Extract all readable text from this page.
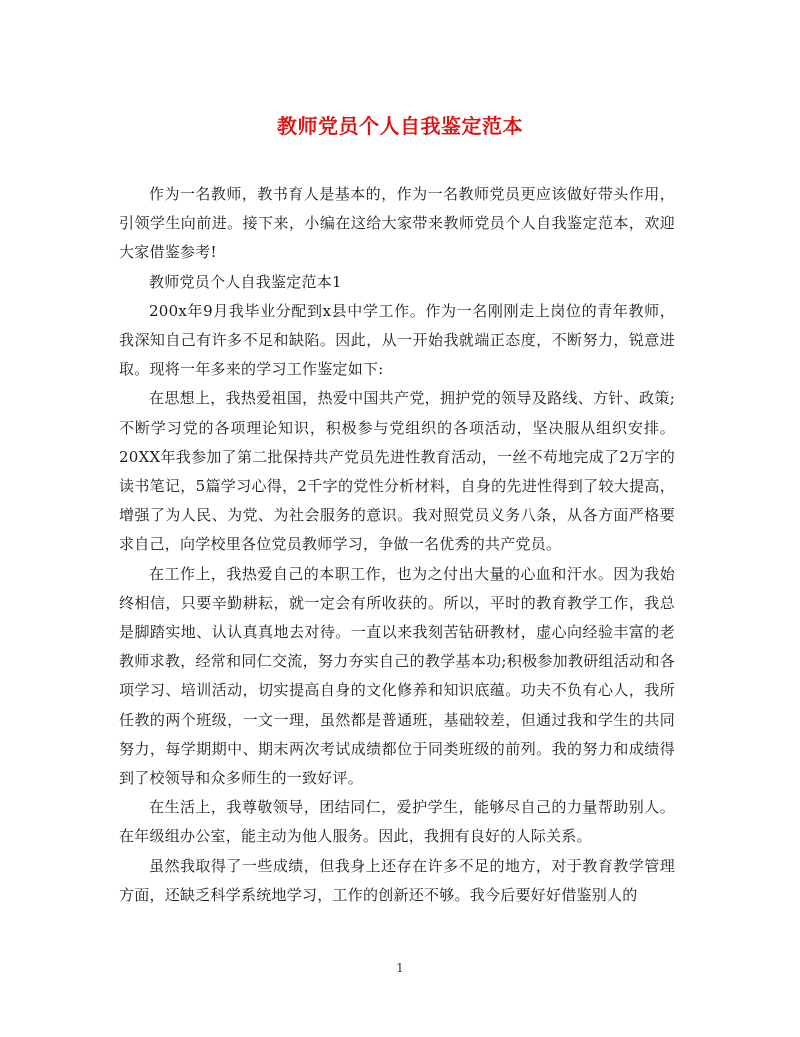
教师党员个人自我鉴定范本

作为一名教师，教书育人是基本的，作为一名教师党员更应该做好带头作用，引领学生向前进。接下来，小编在这给大家带来教师党员个人自我鉴定范本，欢迎大家借鉴参考!

教师党员个人自我鉴定范本1

200x年9月我毕业分配到x县中学工作。作为一名刚刚走上岗位的青年教师，我深知自己有许多不足和缺陷。因此，从一开始我就端正态度，不断努力，锐意进取。现将一年多来的学习工作鉴定如下:

在思想上，我热爱祖国，热爱中国共产党，拥护党的领导及路线、方针、政策;不断学习党的各项理论知识，积极参与党组织的各项活动，坚决服从组织安排。20XX年我参加了第二批保持共产党员先进性教育活动，一丝不苟地完成了2万字的读书笔记，5篇学习心得，2千字的党性分析材料，自身的先进性得到了较大提高，增强了为人民、为党、为社会服务的意识。我对照党员义务八条，从各方面严格要求自己，向学校里各位党员教师学习，争做一名优秀的共产党员。

在工作上，我热爱自己的本职工作，也为之付出大量的心血和汗水。因为我始终相信，只要辛勤耕耘，就一定会有所收获的。所以，平时的教育教学工作，我总是脚踏实地、认认真真地去对待。一直以来我刻苦钻研教材，虚心向经验丰富的老教师求教，经常和同仁交流，努力夯实自己的教学基本功;积极参加教研组活动和各项学习、培训活动，切实提高自身的文化修养和知识底蕴。功夫不负有心人，我所任教的两个班级，一文一理，虽然都是普通班，基础较差，但通过我和学生的共同努力，每学期期中、期末两次考试成绩都位于同类班级的前列。我的努力和成绩得到了校领导和众多师生的一致好评。

在生活上，我尊敬领导，团结同仁，爱护学生，能够尽自己的力量帮助别人。在年级组办公室，能主动为他人服务。因此，我拥有良好的人际关系。

虽然我取得了一些成绩，但我身上还存在许多不足的地方，对于教育教学管理方面，还缺乏科学系统地学习，工作的创新还不够。我今后要好好借鉴别人的

1
